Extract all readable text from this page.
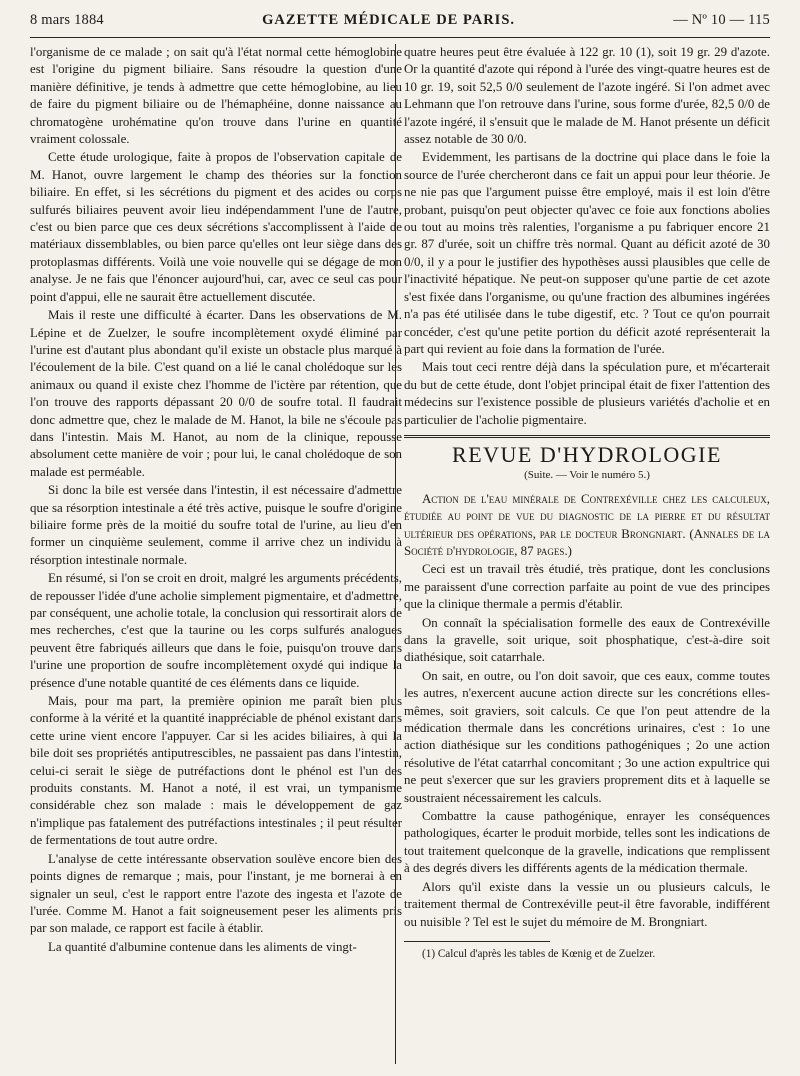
8 mars 1884	GAZETTE MÉDICALE DE PARIS.	— Nº 10 — 115

l'organisme de ce malade ; on sait qu'à l'état normal cette hémoglobine est l'origine du pigment biliaire. Sans résoudre la question d'une manière définitive, je tends à admettre que cette hémoglobine, au lieu de faire du pigment biliaire ou de l'hémaphéine, donne naissance au chromatogène urohématine qu'on trouve dans l'urine en quantité vraiment colossale.

Cette étude urologique, faite à propos de l'observation capitale de M. Hanot, ouvre largement le champ des théories sur la fonction biliaire. En effet, si les sécrétions du pigment et des acides ou corps sulfurés biliaires peuvent avoir lieu indépendamment l'une de l'autre, c'est ou bien parce que ces deux sécrétions s'accomplissent à l'aide de matériaux dissemblables, ou bien parce qu'elles ont leur siège dans des protoplasmas différents. Voilà une voie nouvelle qui se dégage de mon analyse. Je ne fais que l'énoncer aujourd'hui, car, avec ce seul cas pour point d'appui, elle ne saurait être actuellement discutée.

Mais il reste une difficulté à écarter. Dans les observations de M. Lépine et de Zuelzer, le soufre incomplètement oxydé éliminé par l'urine est d'autant plus abondant qu'il existe un obstacle plus marqué à l'écoulement de la bile. C'est quand on a lié le canal cholédoque sur les animaux ou quand il existe chez l'homme de l'ictère par rétention, que l'on trouve des rapports dépassant 20 0/0 de soufre total. Il faudrait donc admettre que, chez le malade de M. Hanot, la bile ne s'écoule pas dans l'intestin. Mais M. Hanot, au nom de la clinique, repousse absolument cette manière de voir ; pour lui, le canal cholédoque de son malade est perméable.

Si donc la bile est versée dans l'intestin, il est nécessaire d'admettre que sa résorption intestinale a été très active, puisque le soufre d'origine biliaire forme près de la moitié du soufre total de l'urine, au lieu d'en former un cinquième seulement, comme il arrive chez un individu à résorption intestinale normale.

En résumé, si l'on se croit en droit, malgré les arguments précédents, de repousser l'idée d'une acholie simplement pigmentaire, et d'admettre, par conséquent, une acholie totale, la conclusion qui ressortirait alors de mes recherches, c'est que la taurine ou les corps sulfurés analogues peuvent être fabriqués ailleurs que dans le foie, puisqu'on trouve dans l'urine une proportion de soufre incomplètement oxydé qui indique la présence d'une notable quantité de ces éléments dans ce liquide.

Mais, pour ma part, la première opinion me paraît bien plus conforme à la vérité et la quantité inappréciable de phénol existant dans cette urine vient encore l'appuyer. Car si les acides biliaires, à qui la bile doit ses propriétés antiputrescibles, ne passaient pas dans l'intestin, celui-ci serait le siège de putréfactions dont le phénol est l'un des produits constants. M. Hanot a noté, il est vrai, un tympanisme considérable chez son malade : mais le développement de gaz n'implique pas fatalement des putréfactions intestinales ; il peut résulter de fermentations de tout autre ordre.

L'analyse de cette intéressante observation soulève encore bien des points dignes de remarque ; mais, pour l'instant, je me bornerai à en signaler un seul, c'est le rapport entre l'azote des ingesta et l'azote de l'urée. Comme M. Hanot a fait soigneusement peser les aliments pris par son malade, ce rapport est facile à établir.

La quantité d'albumine contenue dans les aliments de vingt-

quatre heures peut être évaluée à 122 gr. 10 (1), soit 19 gr. 29 d'azote. Or la quantité d'azote qui répond à l'urée des vingt-quatre heures est de 10 gr. 19, soit 52,5 0/0 seulement de l'azote ingéré. Si l'on admet avec Lehmann que l'on retrouve dans l'urine, sous forme d'urée, 82,5 0/0 de l'azote ingéré, il s'ensuit que le malade de M. Hanot présente un déficit assez notable de 30 0/0.

Evidemment, les partisans de la doctrine qui place dans le foie la source de l'urée chercheront dans ce fait un appui pour leur théorie. Je ne nie pas que l'argument puisse être employé, mais il est loin d'être probant, puisqu'on peut objecter qu'avec ce foie aux fonctions abolies ou tout au moins très ralenties, l'organisme a pu fabriquer encore 21 gr. 87 d'urée, soit un chiffre très normal. Quant au déficit azoté de 30 0/0, il y a pour le justifier des hypothèses aussi plausibles que celle de l'inactivité hépatique. Ne peut-on supposer qu'une partie de cet azote s'est fixée dans l'organisme, ou qu'une fraction des albumines ingérées n'a pas été utilisée dans le tube digestif, etc. ? Tout ce qu'on pourrait concéder, c'est qu'une petite portion du déficit azoté représenterait la part qui revient au foie dans la formation de l'urée.

Mais tout ceci rentre déjà dans la spéculation pure, et m'écarterait du but de cette étude, dont l'objet principal était de fixer l'attention des médecins sur l'existence possible de plusieurs variétés d'acholie et en particulier de l'acholie pigmentaire.

REVUE D'HYDROLOGIE
(Suite. — Voir le numéro 5.)

Action de l'eau minérale de Contrexéville chez les calculeux, étudiée au point de vue du diagnostic de la pierre et du résultat ultérieur des opérations, par le docteur Brongniart. (Annales de la Société d'hydrologie, 87 pages.)

Ceci est un travail très étudié, très pratique, dont les conclusions me paraissent d'une correction parfaite au point de vue des principes que la clinique thermale a permis d'établir.

On connaît la spécialisation formelle des eaux de Contrexéville dans la gravelle, soit urique, soit phosphatique, c'est-à-dire soit diathésique, soit catarrhale.

On sait, en outre, ou l'on doit savoir, que ces eaux, comme toutes les autres, n'exercent aucune action directe sur les concrétions elles-mêmes, soit graviers, soit calculs. Ce que l'on peut attendre de la médication thermale dans les concrétions urinaires, c'est : 1o une action diathésique sur les conditions pathogéniques ; 2o une action résolutive de l'état catarrhal concomitant ; 3o une action expultrice qui ne peut s'exercer que sur les graviers proprement dits et à laquelle se soustraient nécessairement les calculs.

Combattre la cause pathogénique, enrayer les conséquences pathologiques, écarter le produit morbide, telles sont les indications de tout traitement quelconque de la gravelle, indications que remplissent à des degrés divers les différents agents de la médication thermale.

Alors qu'il existe dans la vessie un ou plusieurs calculs, le traitement thermal de Contrexéville peut-il être favorable, indifférent ou nuisible ? Tel est le sujet du mémoire de M. Brongniart.

(1) Calcul d'après les tables de Kœnig et de Zuelzer.
